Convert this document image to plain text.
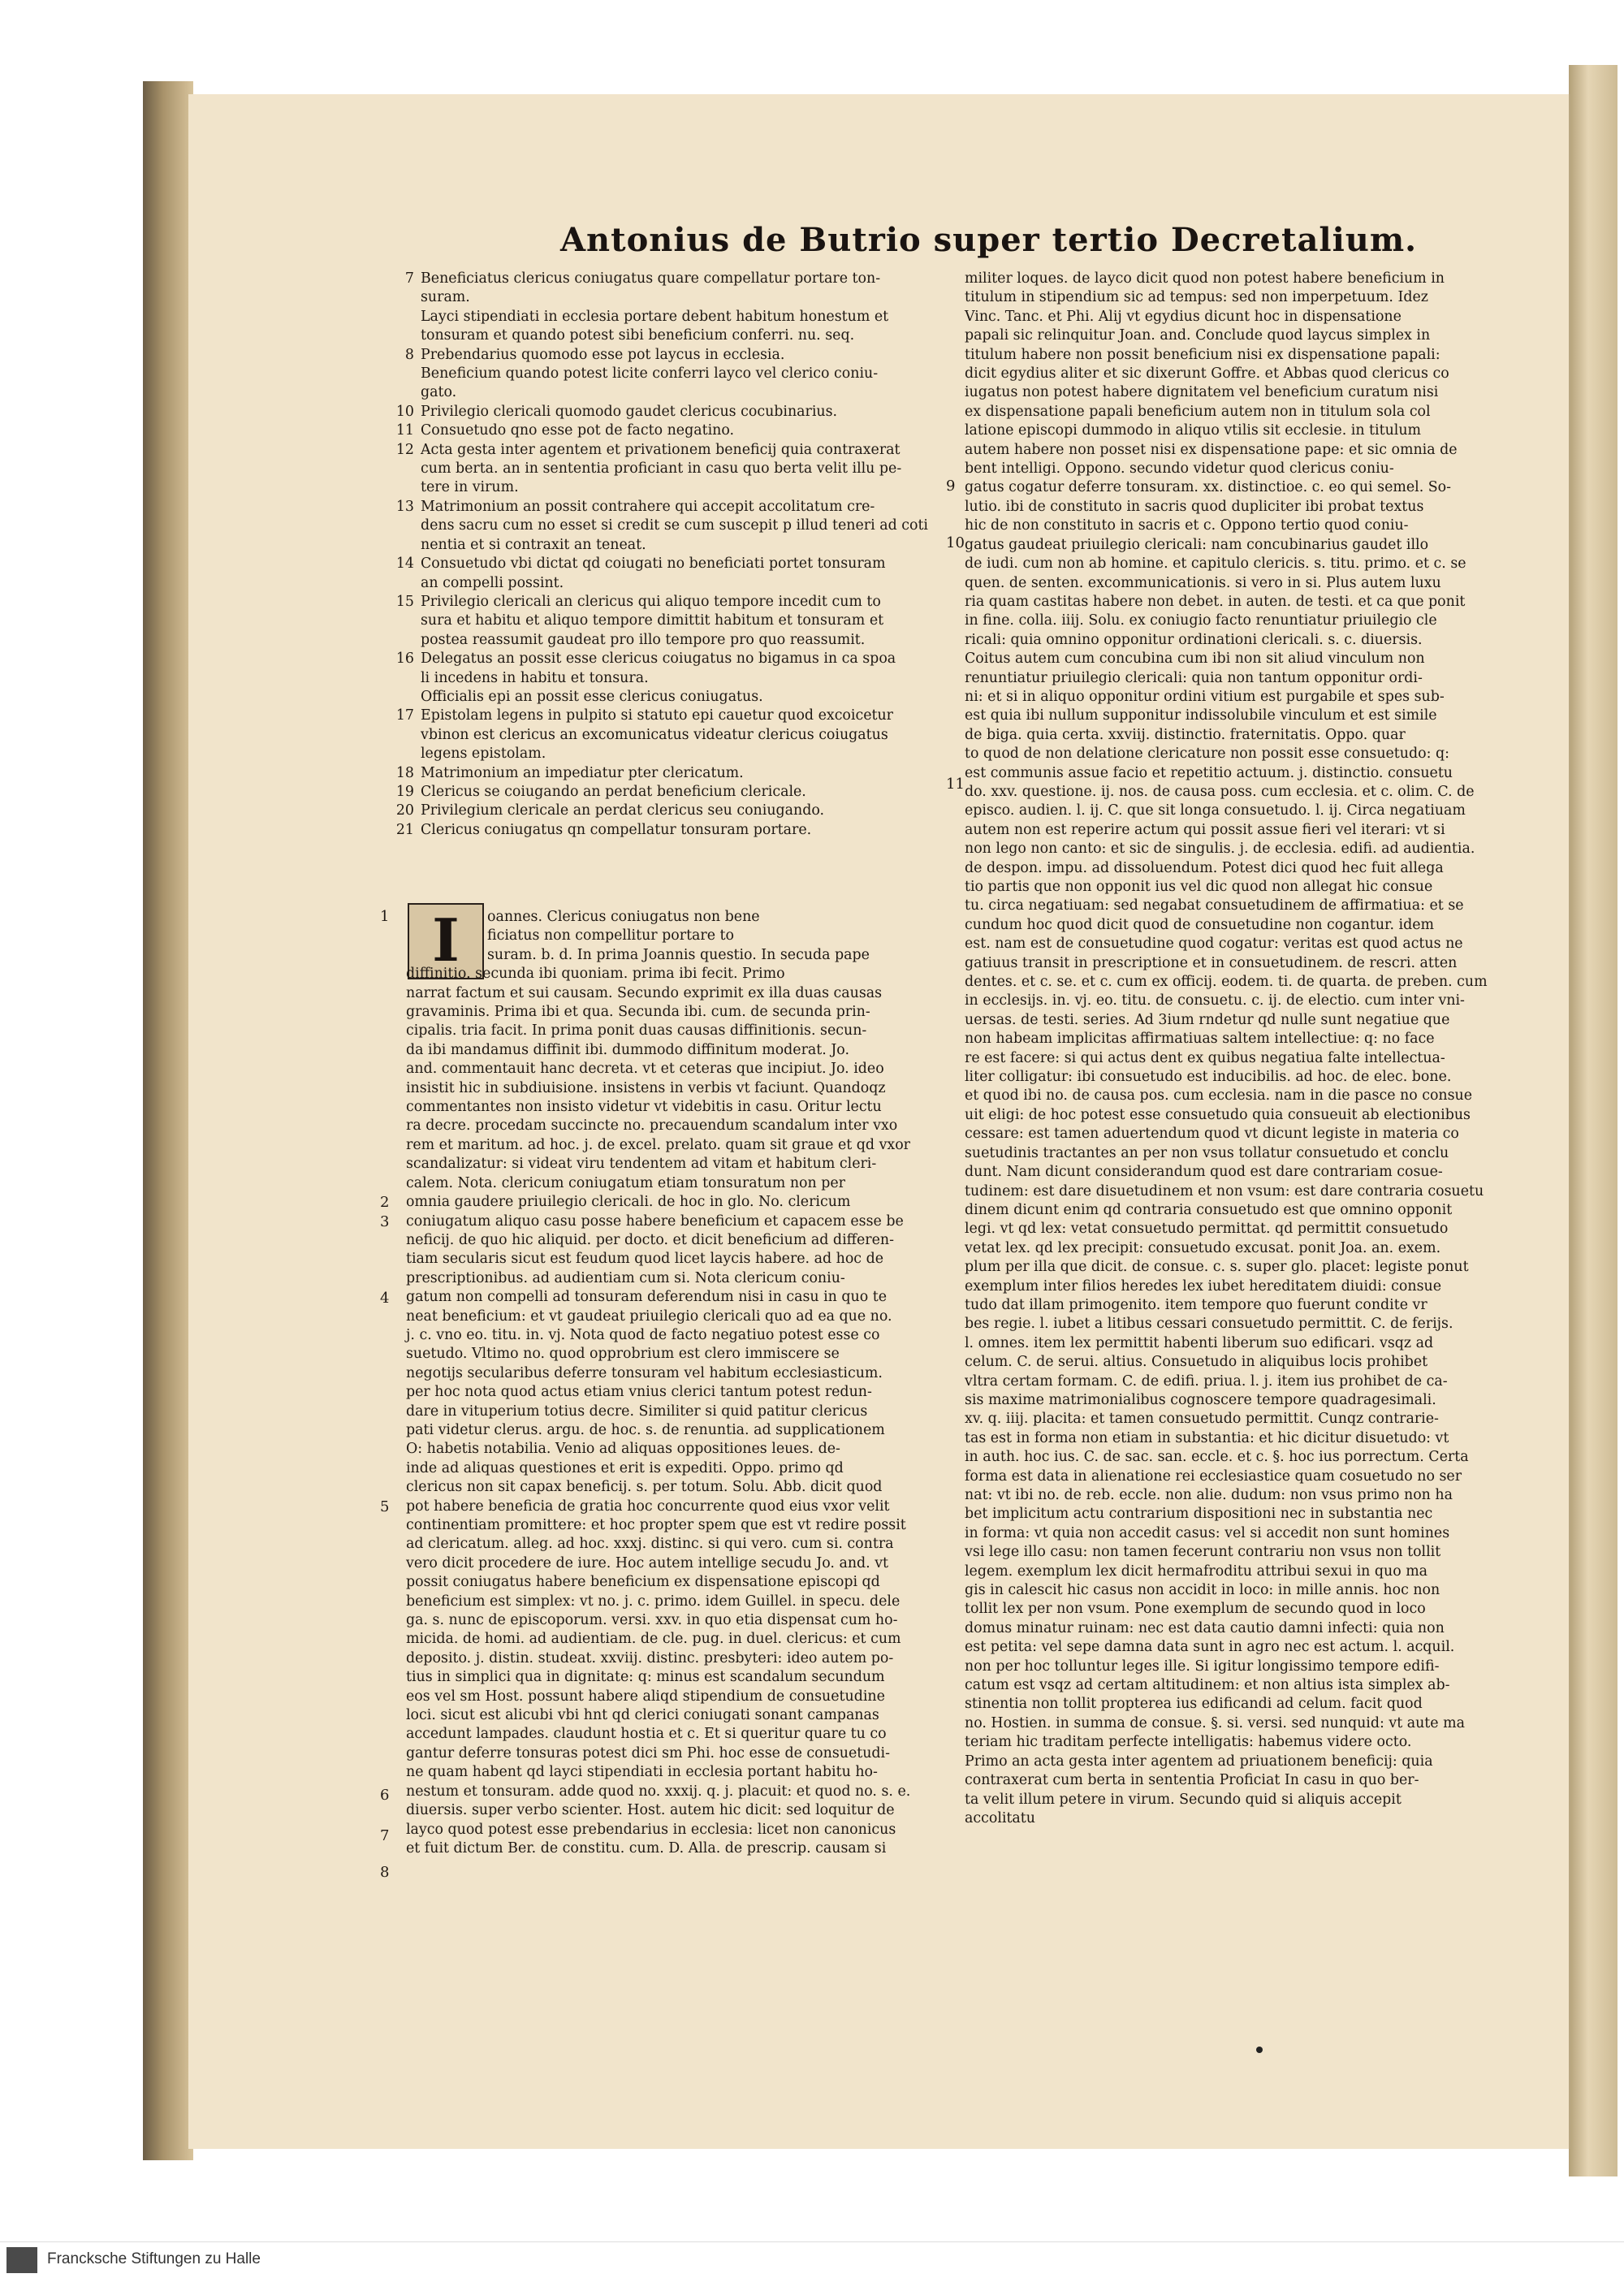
Antonius de Butrio super tertio Decretalium.
7 Beneficiatus clericus coniugatus quare compellatur portare ton-
suram.
Layci stipendiati in ecclesia portare debent habitum honestum et
tonsuram et quando potest sibi beneficium conferri. nu. seq.
8 Prebendarius quomodo esse pot laycus in ecclesia.
Beneficium quando potest licite conferri layco vel clerico coniu-
gato.
10 Privilegio clericali quomodo gaudet clericus cocubinarius.
11 Consuetudo qno esse pot de facto negatino.
12 Acta gesta inter agentem et privationem beneficij quia contraxerat
cum berta. an in sententia proficiant in casu quo berta velit illu pe-
tere in virum.
13 Matrimonium an possit contrahere qui accepit accolitatum cre-
dens sacru cum no esset si credit se cum suscepit p illud teneri ad coti
nentia et si contraxit an teneat.
14 Consuetudo vbi dictat qd coiugati no beneficiati portet tonsuram
an compelli possint.
15 Privilegio clericali an clericus qui aliquo tempore incedit cum to
sura et habitu et aliquo tempore dimittit habitum et tonsuram et
postea reassumit gaudeat pro illo tempore pro quo reassumit.
16 Delegatus an possit esse clericus coiugatus no bigamus in ca spoa
li incedens in habitu et tonsura.
Officialis epi an possit esse clericus coniugatus.
17 Epistolam legens in pulpito si statuto epi cauetur quod excoicetur
vbinon est clericus an excomunicatus videatur clericus coiugatus
legens epistolam.
18 Matrimonium an impediatur pter clericatum.
19 Clericus se coiugando an perdat beneficium clericale.
20 Privilegium clericale an perdat clericus seu coniugando.
21 Clericus coniugatus qn compellatur tonsuram portare.
I	oannes. Clericus coniugatus non bene

ficiatus non compellitur portare to

suram. b. d. In prima Joannis questio. In secuda pape

diffinitio. secunda ibi quoniam. prima ibi fecit. Primo

narrat factum et sui causam. Secundo exprimit ex illa duas causas

gravaminis. Prima ibi et qua. Secunda ibi. cum. de secunda prin-

cipalis. tria facit. In prima ponit duas causas diffinitionis. secun-

da ibi mandamus diffinit ibi. dummodo diffinitum moderat. Jo.

and. commentauit hanc decreta. vt et ceteras que incipiut. Jo. ideo

insistit hic in subdiuisione. insistens in verbis vt faciunt. Quandoqz

commentantes non insisto videtur vt videbitis in casu. Oritur lectu

ra decre. procedam succincte no. precauendum scandalum inter vxo

rem et maritum. ad hoc. j. de excel. prelato. quam sit graue et qd vxor

scandalizatur: si videat viru tendentem ad vitam et habitum cleri-

calem. Nota. clericum coniugatum etiam tonsuratum non per

omnia gaudere priuilegio clericali. de hoc in glo. No. clericum

coniugatum aliquo casu posse habere beneficium et capacem esse be

neficij. de quo hic aliquid. per docto. et dicit beneficium ad differen-

tiam secularis sicut est feudum quod licet laycis habere. ad hoc de

prescriptionibus. ad audientiam cum si. Nota clericum coniu-

gatum non compelli ad tonsuram deferendum nisi in casu in quo te

neat beneficium: et vt gaudeat priuilegio clericali quo ad ea que no.

j. c. vno eo. titu. in. vj. Nota quod de facto negatiuo potest esse co

suetudo. Vltimo no. quod opprobrium est clero immiscere se

negotijs secularibus deferre tonsuram vel habitum ecclesiasticum.

per hoc nota quod actus etiam vnius clerici tantum potest redun-

dare in vituperium totius decre. Similiter si quid patitur clericus

pati videtur clerus. argu. de hoc. s. de renuntia. ad supplicationem

O: habetis notabilia. Venio ad aliquas oppositiones leues. de-

inde ad aliquas questiones et erit is expediti. Oppo. primo qd

clericus non sit capax beneficij. s. per totum. Solu. Abb. dicit quod

pot habere beneficia de gratia hoc concurrente quod eius vxor velit

continentiam promittere: et hoc propter spem que est vt redire possit

ad clericatum. alleg. ad hoc. xxxj. distinc. si qui vero. cum si. contra

vero dicit procedere de iure. Hoc autem intellige secudu Jo. and. vt

possit coniugatus habere beneficium ex dispensatione episcopi qd

beneficium est simplex: vt no. j. c. primo. idem Guillel. in specu. dele

ga. s. nunc de episcoporum. versi. xxv. in quo etia dispensat cum ho-

micida. de homi. ad audientiam. de cle. pug. in duel. clericus: et cum

deposito. j. distin. studeat. xxviij. distinc. presbyteri: ideo autem po-

tius in simplici qua in dignitate: q: minus est scandalum secundum

eos vel sm Host. possunt habere aliqd stipendium de consuetudine

loci. sicut est alicubi vbi hnt qd clerici coniugati sonant campanas

accedunt lampades. claudunt hostia et c. Et si queritur quare tu co

gantur deferre tonsuras potest dici sm Phi. hoc esse de consuetudi-

ne quam habent qd layci stipendiati in ecclesia portant habitu ho-

nestum et tonsuram. adde quod no. xxxij. q. j. placuit: et quod no. s. e.

diuersis. super verbo scienter. Host. autem hic dicit: sed loquitur de

layco quod potest esse prebendarius in ecclesia: licet non canonicus

et fuit dictum Ber. de constitu. cum. D. Alla. de prescrip. causam si

militer loques. de layco dicit quod non potest habere beneficium in

titulum in stipendium sic ad tempus: sed non imperpetuum. Idez

Vinc. Tanc. et Phi. Alij vt egydius dicunt hoc in dispensatione

papali sic relinquitur Joan. and. Conclude quod laycus simplex in

titulum habere non possit beneficium nisi ex dispensatione papali:

dicit egydius aliter et sic dixerunt Goffre. et Abbas quod clericus co

iugatus non potest habere dignitatem vel beneficium curatum nisi

ex dispensatione papali beneficium autem non in titulum sola col

latione episcopi dummodo in aliquo vtilis sit ecclesie. in titulum

autem habere non posset nisi ex dispensatione pape: et sic omnia de

bent intelligi. Oppono. secundo videtur quod clericus coniu-

gatus cogatur deferre tonsuram. xx. distinctioe. c. eo qui semel. So-

lutio. ibi de constituto in sacris quod dupliciter ibi probat textus

hic de non constituto in sacris et c. Oppono tertio quod coniu-

gatus gaudeat priuilegio clericali: nam concubinarius gaudet illo

de iudi. cum non ab homine. et capitulo clericis. s. titu. primo. et c. se

quen. de senten. excommunicationis. si vero in si. Plus autem luxu

ria quam castitas habere non debet. in auten. de testi. et ca que ponit

in fine. colla. iiij. Solu. ex coniugio facto renuntiatur priuilegio cle

ricali: quia omnino opponitur ordinationi clericali. s. c. diuersis.

Coitus autem cum concubina cum ibi non sit aliud vinculum non

renuntiatur priuilegio clericali: quia non tantum opponitur ordi-

ni: et si in aliquo opponitur ordini vitium est purgabile et spes sub-

est quia ibi nullum supponitur indissolubile vinculum et est simile

de biga. quia certa. xxviij. distinctio. fraternitatis. Oppo. quar

to quod de non delatione clericature non possit esse consuetudo: q:

est communis assue facio et repetitio actuum. j. distinctio. consuetu

do. xxv. questione. ij. nos. de causa poss. cum ecclesia. et c. olim. C. de

episco. audien. l. ij. C. que sit longa consuetudo. l. ij. Circa negatiuam

autem non est reperire actum qui possit assue fieri vel iterari: vt si

non lego non canto: et sic de singulis. j. de ecclesia. edifi. ad audientia.

de despon. impu. ad dissoluendum. Potest dici quod hec fuit allega

tio partis que non opponit ius vel dic quod non allegat hic consue

tu. circa negatiuam: sed negabat consuetudinem de affirmatiua: et se

cundum hoc quod dicit quod de consuetudine non cogantur. idem

est. nam est de consuetudine quod cogatur: veritas est quod actus ne

gatiuus transit in prescriptione et in consuetudinem. de rescri. atten

dentes. et c. se. et c. cum ex officij. eodem. ti. de quarta. de preben. cum

in ecclesijs. in. vj. eo. titu. de consuetu. c. ij. de electio. cum inter vni-

uersas. de testi. series. Ad 3ium rndetur qd nulle sunt negatiue que

non habeam implicitas affirmatiuas saltem intellectiue: q: no face

re est facere: si qui actus dent ex quibus negatiua falte intellectua-

liter colligatur: ibi consuetudo est inducibilis. ad hoc. de elec. bone.

et quod ibi no. de causa pos. cum ecclesia. nam in die pasce no consue

uit eligi: de hoc potest esse consuetudo quia consueuit ab electionibus

cessare: est tamen aduertendum quod vt dicunt legiste in materia co

suetudinis tractantes an per non vsus tollatur consuetudo et conclu

dunt. Nam dicunt considerandum quod est dare contrariam cosue-

tudinem: est dare disuetudinem et non vsum: est dare contraria cosuetu

dinem dicunt enim qd contraria consuetudo est que omnino opponit

legi. vt qd lex: vetat consuetudo permittat. qd permittit consuetudo

vetat lex. qd lex precipit: consuetudo excusat. ponit Joa. an. exem.

plum per illa que dicit. de consue. c. s. super glo. placet: legiste ponut

exemplum inter filios heredes lex iubet hereditatem diuidi: consue

tudo dat illam primogenito. item tempore quo fuerunt condite vr

bes regie. l. iubet a litibus cessari consuetudo permittit. C. de ferijs.

l. omnes. item lex permittit habenti liberum suo edificari. vsqz ad

celum. C. de serui. altius. Consuetudo in aliquibus locis prohibet

vltra certam formam. C. de edifi. priua. l. j. item ius prohibet de ca-

sis maxime matrimonialibus cognoscere tempore quadragesimali.

xv. q. iiij. placita: et tamen consuetudo permittit. Cunqz contrarie-

tas est in forma non etiam in substantia: et hic dicitur disuetudo: vt

in auth. hoc ius. C. de sac. san. eccle. et c. §. hoc ius porrectum. Certa

forma est data in alienatione rei ecclesiastice quam cosuetudo no ser

nat: vt ibi no. de reb. eccle. non alie. dudum: non vsus primo non ha

bet implicitum actu contrarium dispositioni nec in substantia nec

in forma: vt quia non accedit casus: vel si accedit non sunt homines

vsi lege illo casu: non tamen fecerunt contrariu non vsus non tollit

legem. exemplum lex dicit hermafroditu attribui sexui in quo ma

gis in calescit hic casus non accidit in loco: in mille annis. hoc non

tollit lex per non vsum. Pone exemplum de secundo quod in loco

domus minatur ruinam: nec est data cautio damni infecti: quia non

est petita: vel sepe damna data sunt in agro nec est actum. l. acquil.

non per hoc tolluntur leges ille. Si igitur longissimo tempore edifi-

catum est vsqz ad certam altitudinem: et non altius ista simplex ab-

stinentia non tollit propterea ius edificandi ad celum. facit quod

no. Hostien. in summa de consue. §. si. versi. sed nunquid: vt aute ma

teriam hic traditam perfecte intelligatis: habemus videre octo.

Primo an acta gesta inter agentem ad priuationem beneficij: quia

contraxerat cum berta in sententia Proficiat In casu in quo ber-

ta velit illum petere in virum. Secundo quid si aliquis accepit

accolitatu

1
2
3
4
5
6
7
8
9
10
11
Francksche Stiftungen zu Halle
